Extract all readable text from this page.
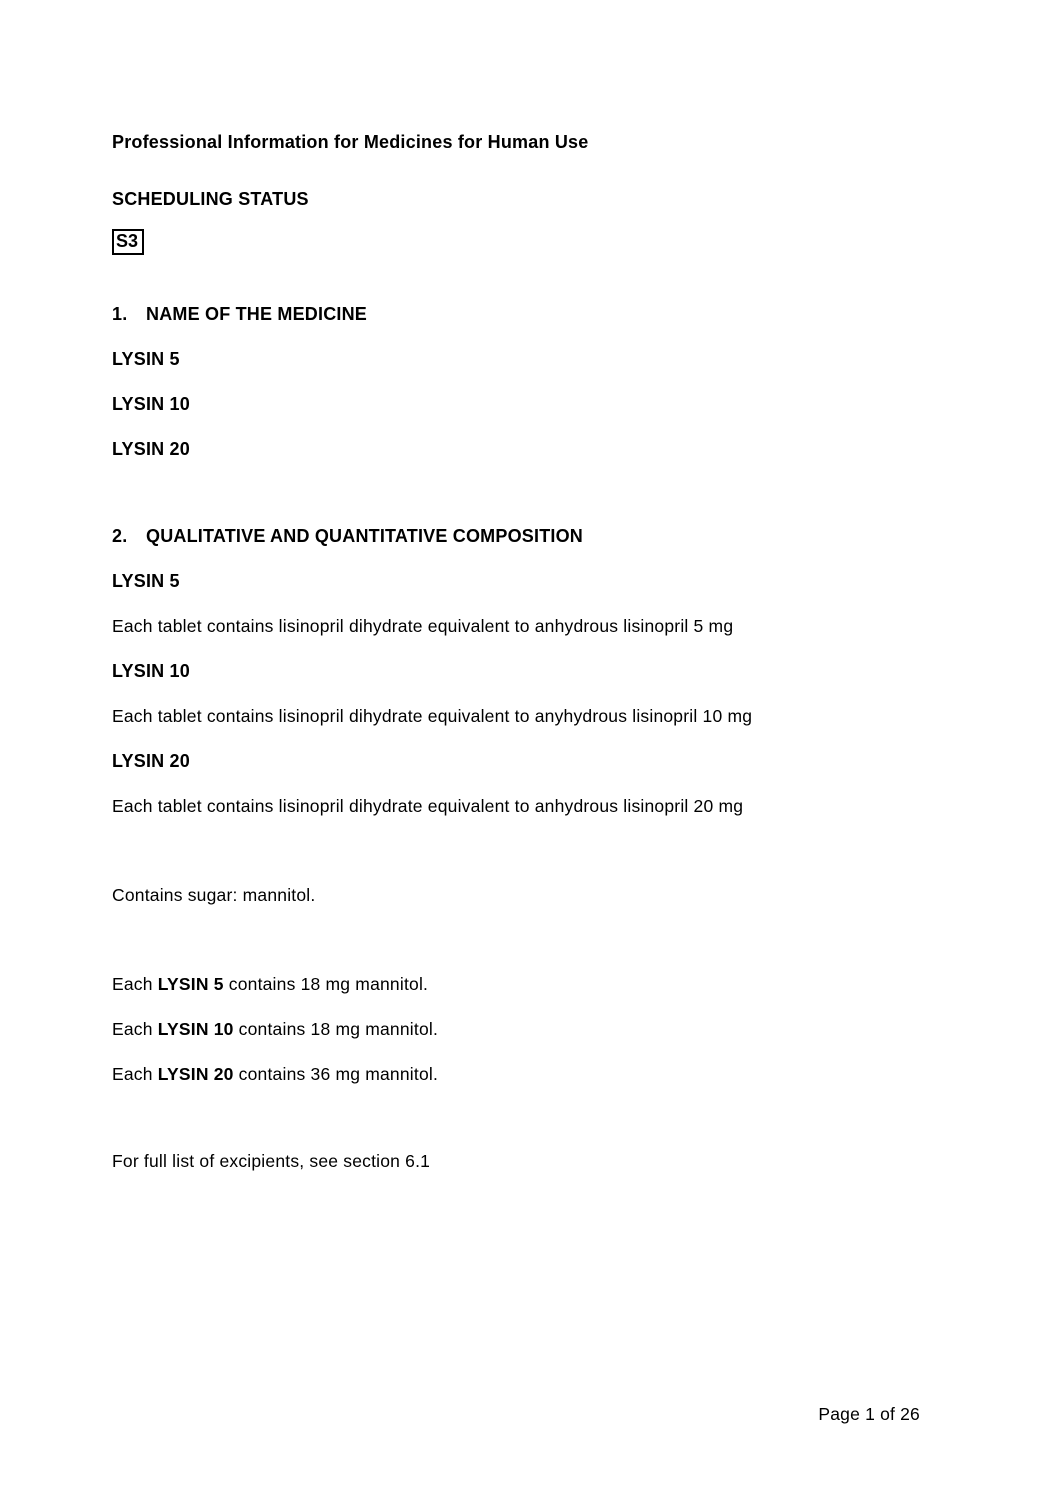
Professional Information for Medicines for Human Use
SCHEDULING STATUS
S3
1.	NAME OF THE MEDICINE
LYSIN 5
LYSIN 10
LYSIN 20
2.	QUALITATIVE AND QUANTITATIVE COMPOSITION
LYSIN 5
Each tablet contains lisinopril dihydrate equivalent to anhydrous lisinopril 5 mg
LYSIN 10
Each tablet contains lisinopril dihydrate equivalent to anyhydrous lisinopril 10 mg
LYSIN 20
Each tablet contains lisinopril dihydrate equivalent to anhydrous lisinopril 20 mg
Contains sugar: mannitol.
Each LYSIN 5 contains 18 mg mannitol.
Each LYSIN 10 contains 18 mg mannitol.
Each LYSIN 20 contains 36 mg mannitol.
For full list of excipients, see section 6.1
Page 1 of 26
